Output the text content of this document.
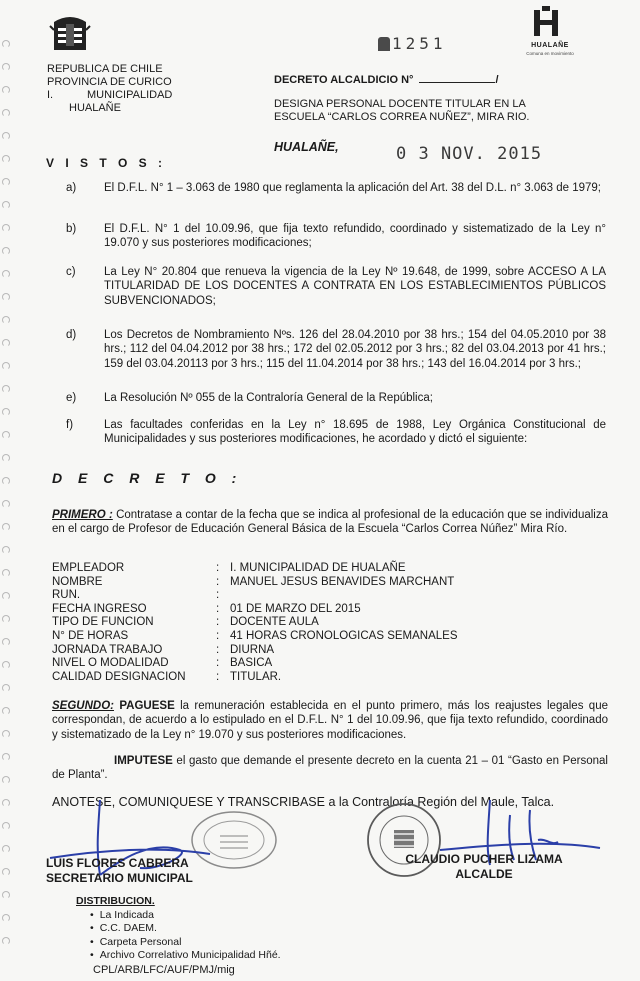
HUALAÑE
Comuna en movimiento
1251
REPUBLICA DE CHILE
PROVINCIA DE CURICO
I.	MUNICIPALIDAD
HUALAÑE
DECRETO ALCALDICIO N°	/
DESIGNA PERSONAL DOCENTE TITULAR EN LA ESCUELA “CARLOS CORREA NUÑEZ”, MIRA RIO.
HUALAÑE,	0 3 NOV. 2015
V I S T O S :
a)	El D.F.L. N° 1 – 3.063 de 1980 que reglamenta la aplicación del Art. 38 del D.L. n° 3.063 de 1979;
b)	El D.F.L. N° 1 del 10.09.96, que fija texto refundido, coordinado y sistematizado de la Ley n° 19.070 y sus posteriores modificaciones;
c)	La Ley N° 20.804 que renueva la vigencia de la Ley Nº 19.648, de 1999, sobre ACCESO A LA TITULARIDAD DE LOS DOCENTES A CONTRATA EN LOS ESTABLECIMIENTOS PÚBLICOS SUBVENCIONADOS;
d)	Los Decretos de Nombramiento Nºs. 126 del 28.04.2010 por 38 hrs.; 154 del 04.05.2010 por 38 hrs.; 112 del 04.04.2012 por 38 hrs.; 172 del 02.05.2012 por 3 hrs.; 82 del 03.04.2013 por 41 hrs.; 159 del 03.04.20113 por 3 hrs.; 115 del 11.04.2014 por 38 hrs.; 143 del 16.04.2014 por 3 hrs.;
e)	La Resolución Nº 055 de la Contraloría General de la República;
f)	Las facultades conferidas en la Ley n° 18.695 de 1988, Ley Orgánica Constitucional de Municipalidades y sus posteriores modificaciones, he acordado y dictó el siguiente:
D E C R E T O :
PRIMERO : Contratase a contar de la fecha que se indica al profesional de la educación que se individualiza en el cargo de Profesor de Educación General Básica de la Escuela “Carlos Correa Núñez” Mira Río.
EMPLEADOR	: I. MUNICIPALIDAD DE HUALAÑE
NOMBRE	: MANUEL JESUS BENAVIDES MARCHANT
RUN.	:
FECHA INGRESO	: 01 DE MARZO DEL 2015
TIPO DE FUNCION	: DOCENTE AULA
N° DE HORAS	: 41 HORAS CRONOLOGICAS SEMANALES
JORNADA TRABAJO	: DIURNA
NIVEL O MODALIDAD	: BASICA
CALIDAD DESIGNACION	: TITULAR.
SEGUNDO: PAGUESE la remuneración establecida en el punto primero, más los reajustes legales que correspondan, de acuerdo a lo estipulado en el D.F.L. N° 1 del 10.09.96, que fija texto refundido, coordinado y sistematizado de la Ley n° 19.070 y sus posteriores modificaciones.
IMPUTESE el gasto que demande el presente decreto en la cuenta 21 – 01 “Gasto en Personal de Planta”.
ANOTESE, COMUNIQUESE Y TRANSCRIBASE a la Contraloría Región del Maule, Talca.
LUIS FLORES CABRERA
SECRETARIO MUNICIPAL
CLAUDIO PUCHER LIZAMA
ALCALDE
DISTRIBUCION.
• La Indicada
• C.C. DAEM.
• Carpeta Personal
• Archivo Correlativo Municipalidad Hñé.
CPL/ARB/LFC/AUF/PMJ/mig
